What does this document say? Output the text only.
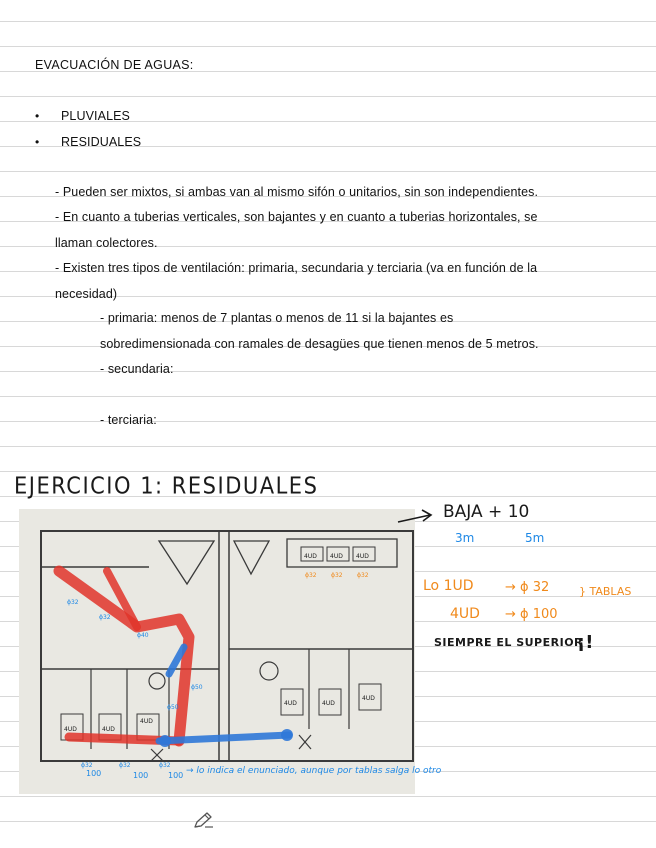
EVACUACIÓN DE AGUAS:
• PLUVIALES
• RESIDUALES
- Pueden ser mixtos, si ambas van al mismo sifón o unitarios, sin son independientes.
- En cuanto a tuberias verticales, son bajantes y en cuanto a tuberias horizontales, se
llaman colectores.
- Existen tres tipos de ventilación: primaria, secundaria y terciaria (va en función de la
necesidad)
- primaria: menos de 7 plantas o menos de 11 si la bajantes es
sobredimensionada con ramales de desagües que tienen menos de 5 metros.
- secundaria:
- terciaria:
EJERCICIO 1: RESIDUALES
4UD 4UD 4UD
ϕ32 ϕ32 ϕ32
4UD	4UD
4UD
4UD	4UD
4UD
ϕ32
ϕ32
ϕ40
ϕ50
ϕ50
ϕ32	ϕ32	ϕ32
BAJA + 10
3m	5m
Lo 1UD → ϕ 32
4UD → ϕ 100
} TABLAS
SIEMPRE EL SUPERIOR
¡!
100	100 100 → lo indica el enunciado, aunque por tablas salga lo otro
